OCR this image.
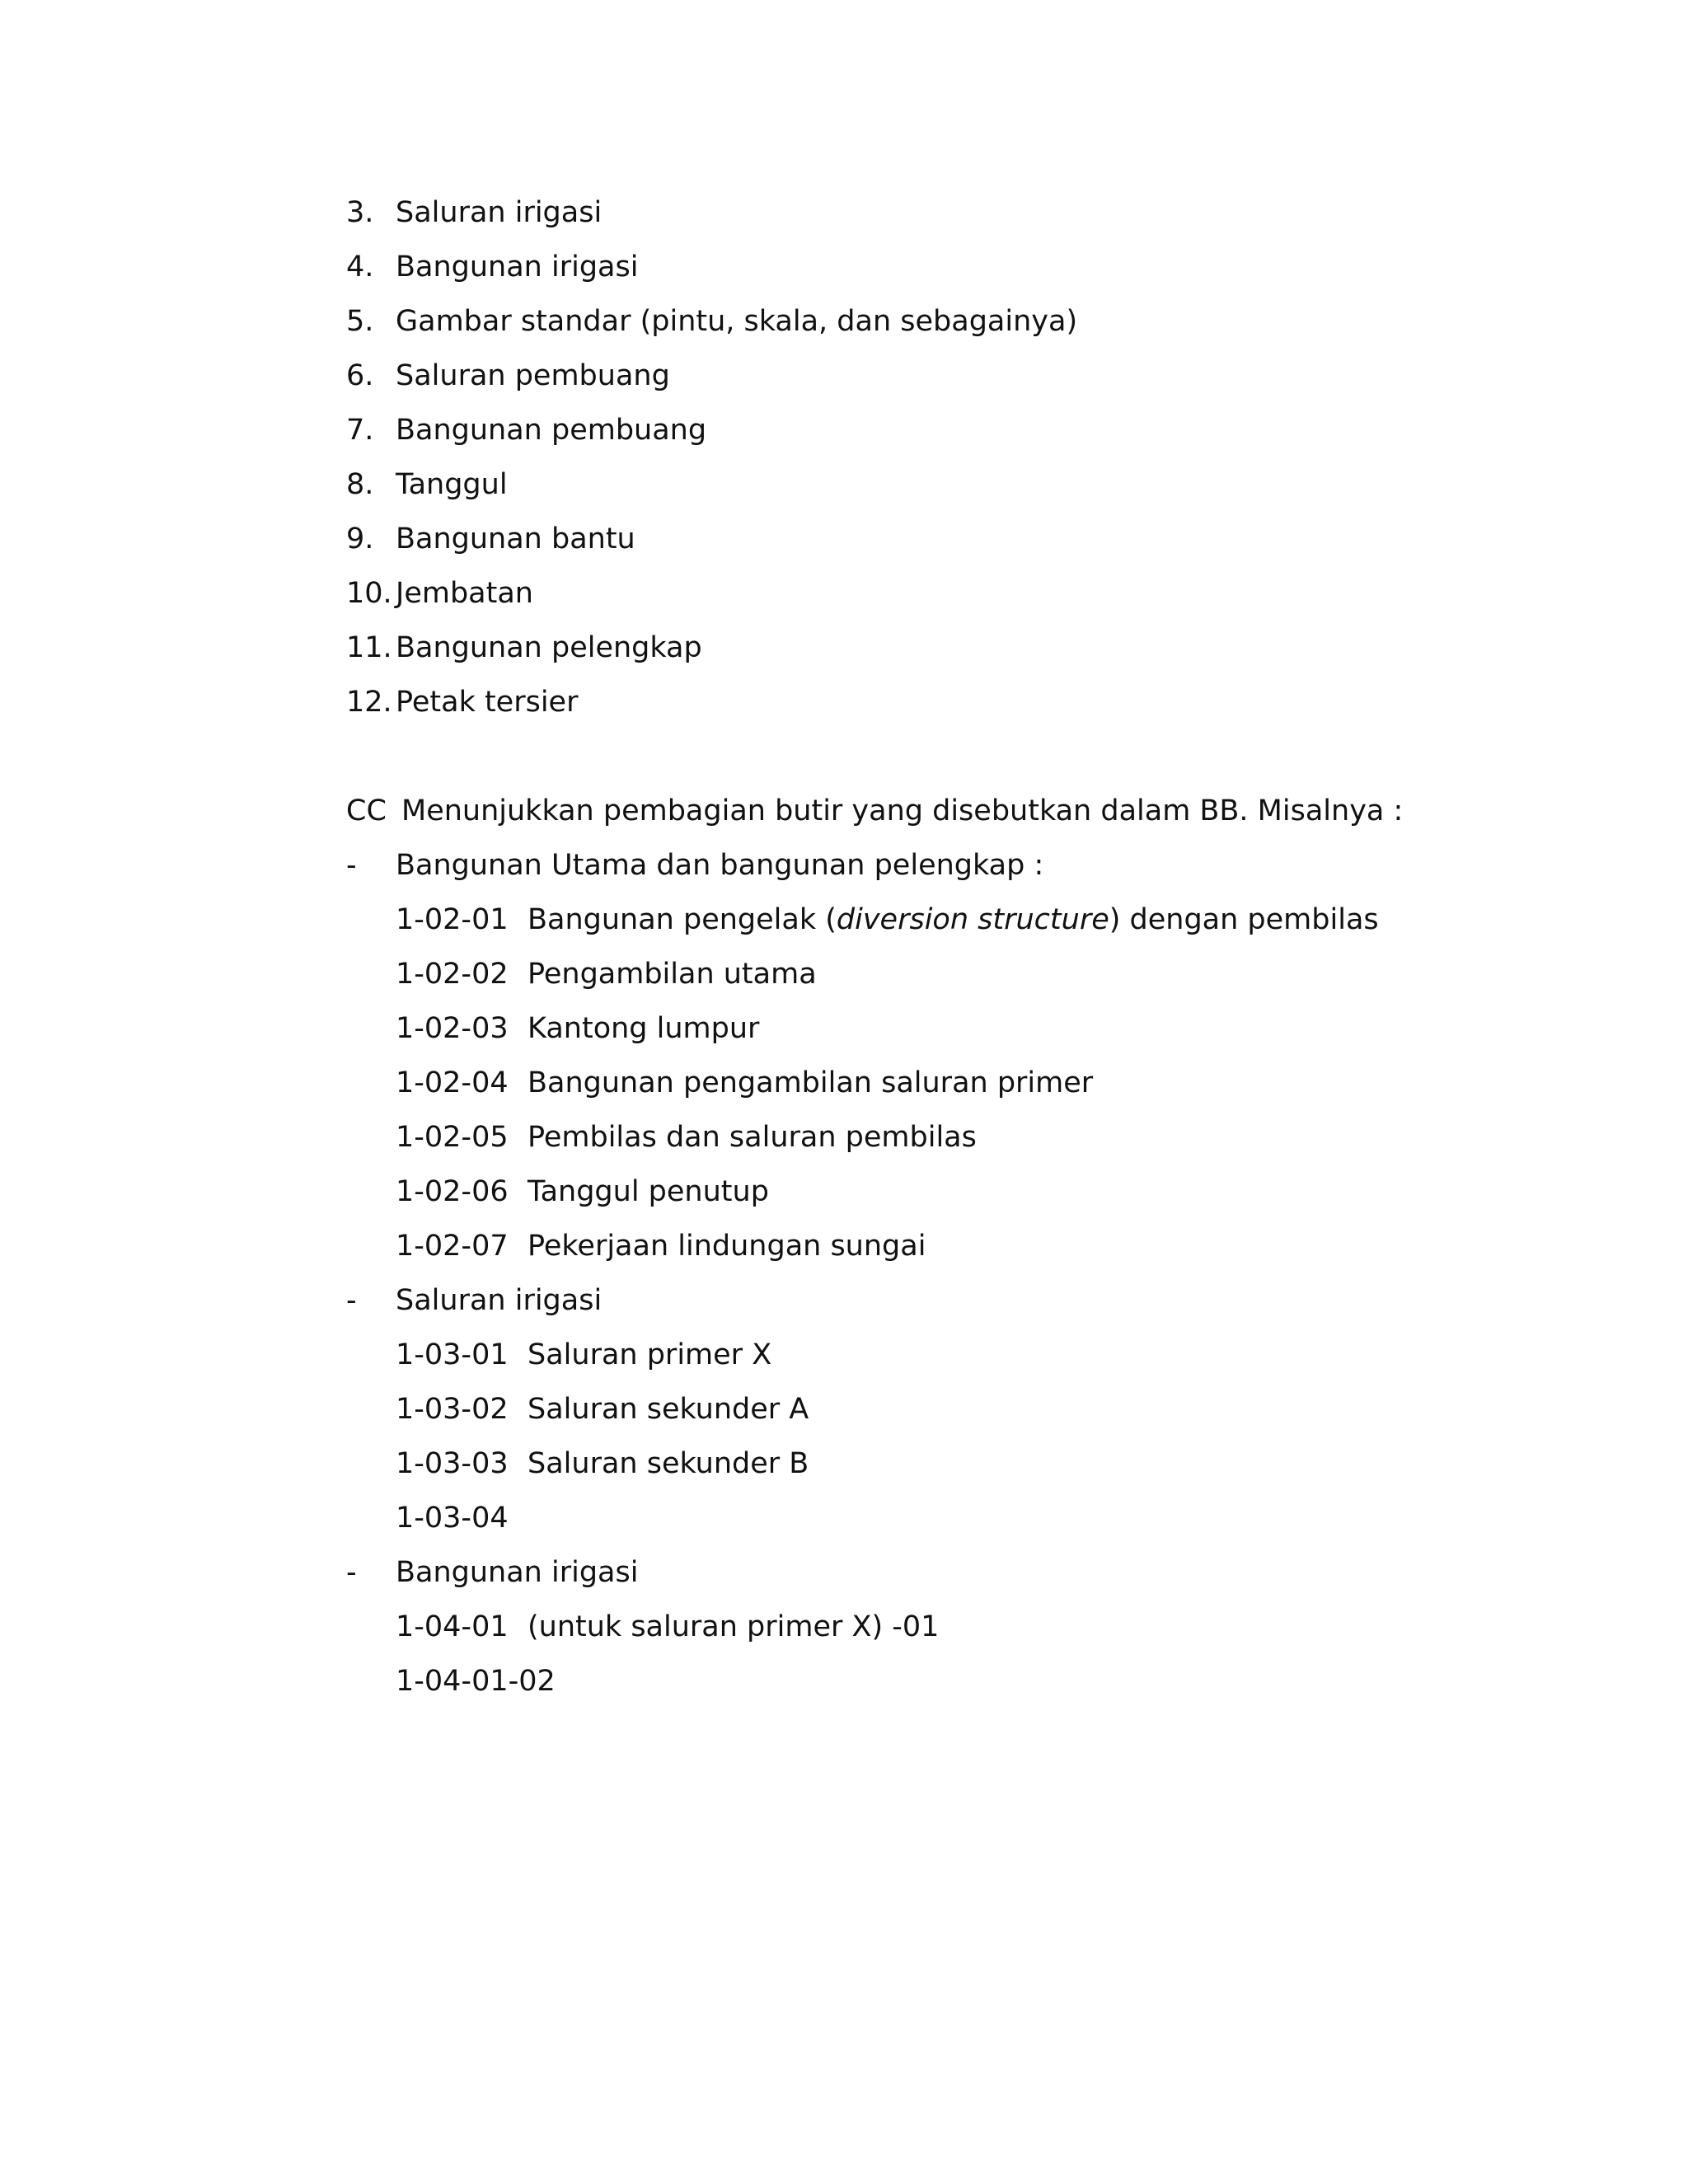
3. Saluran irigasi
4. Bangunan irigasi
5. Gambar standar (pintu, skala, dan sebagainya)
6. Saluran pembuang
7. Bangunan pembuang
8. Tanggul
9. Bangunan bantu
10. Jembatan
11. Bangunan pelengkap
12. Petak tersier
CC Menunjukkan pembagian butir yang disebutkan dalam BB. Misalnya :
-	Bangunan Utama dan bangunan pelengkap :
1-02-01 Bangunan pengelak (diversion structure) dengan pembilas
1-02-02 Pengambilan utama
1-02-03 Kantong lumpur
1-02-04 Bangunan pengambilan saluran primer
1-02-05 Pembilas dan saluran pembilas
1-02-06 Tanggul penutup
1-02-07 Pekerjaan lindungan sungai
-	Saluran irigasi
1-03-01 Saluran primer X
1-03-02 Saluran sekunder A
1-03-03 Saluran sekunder B
1-03-04
-	Bangunan irigasi
1-04-01 (untuk saluran primer X) -01
1-04-01-02
